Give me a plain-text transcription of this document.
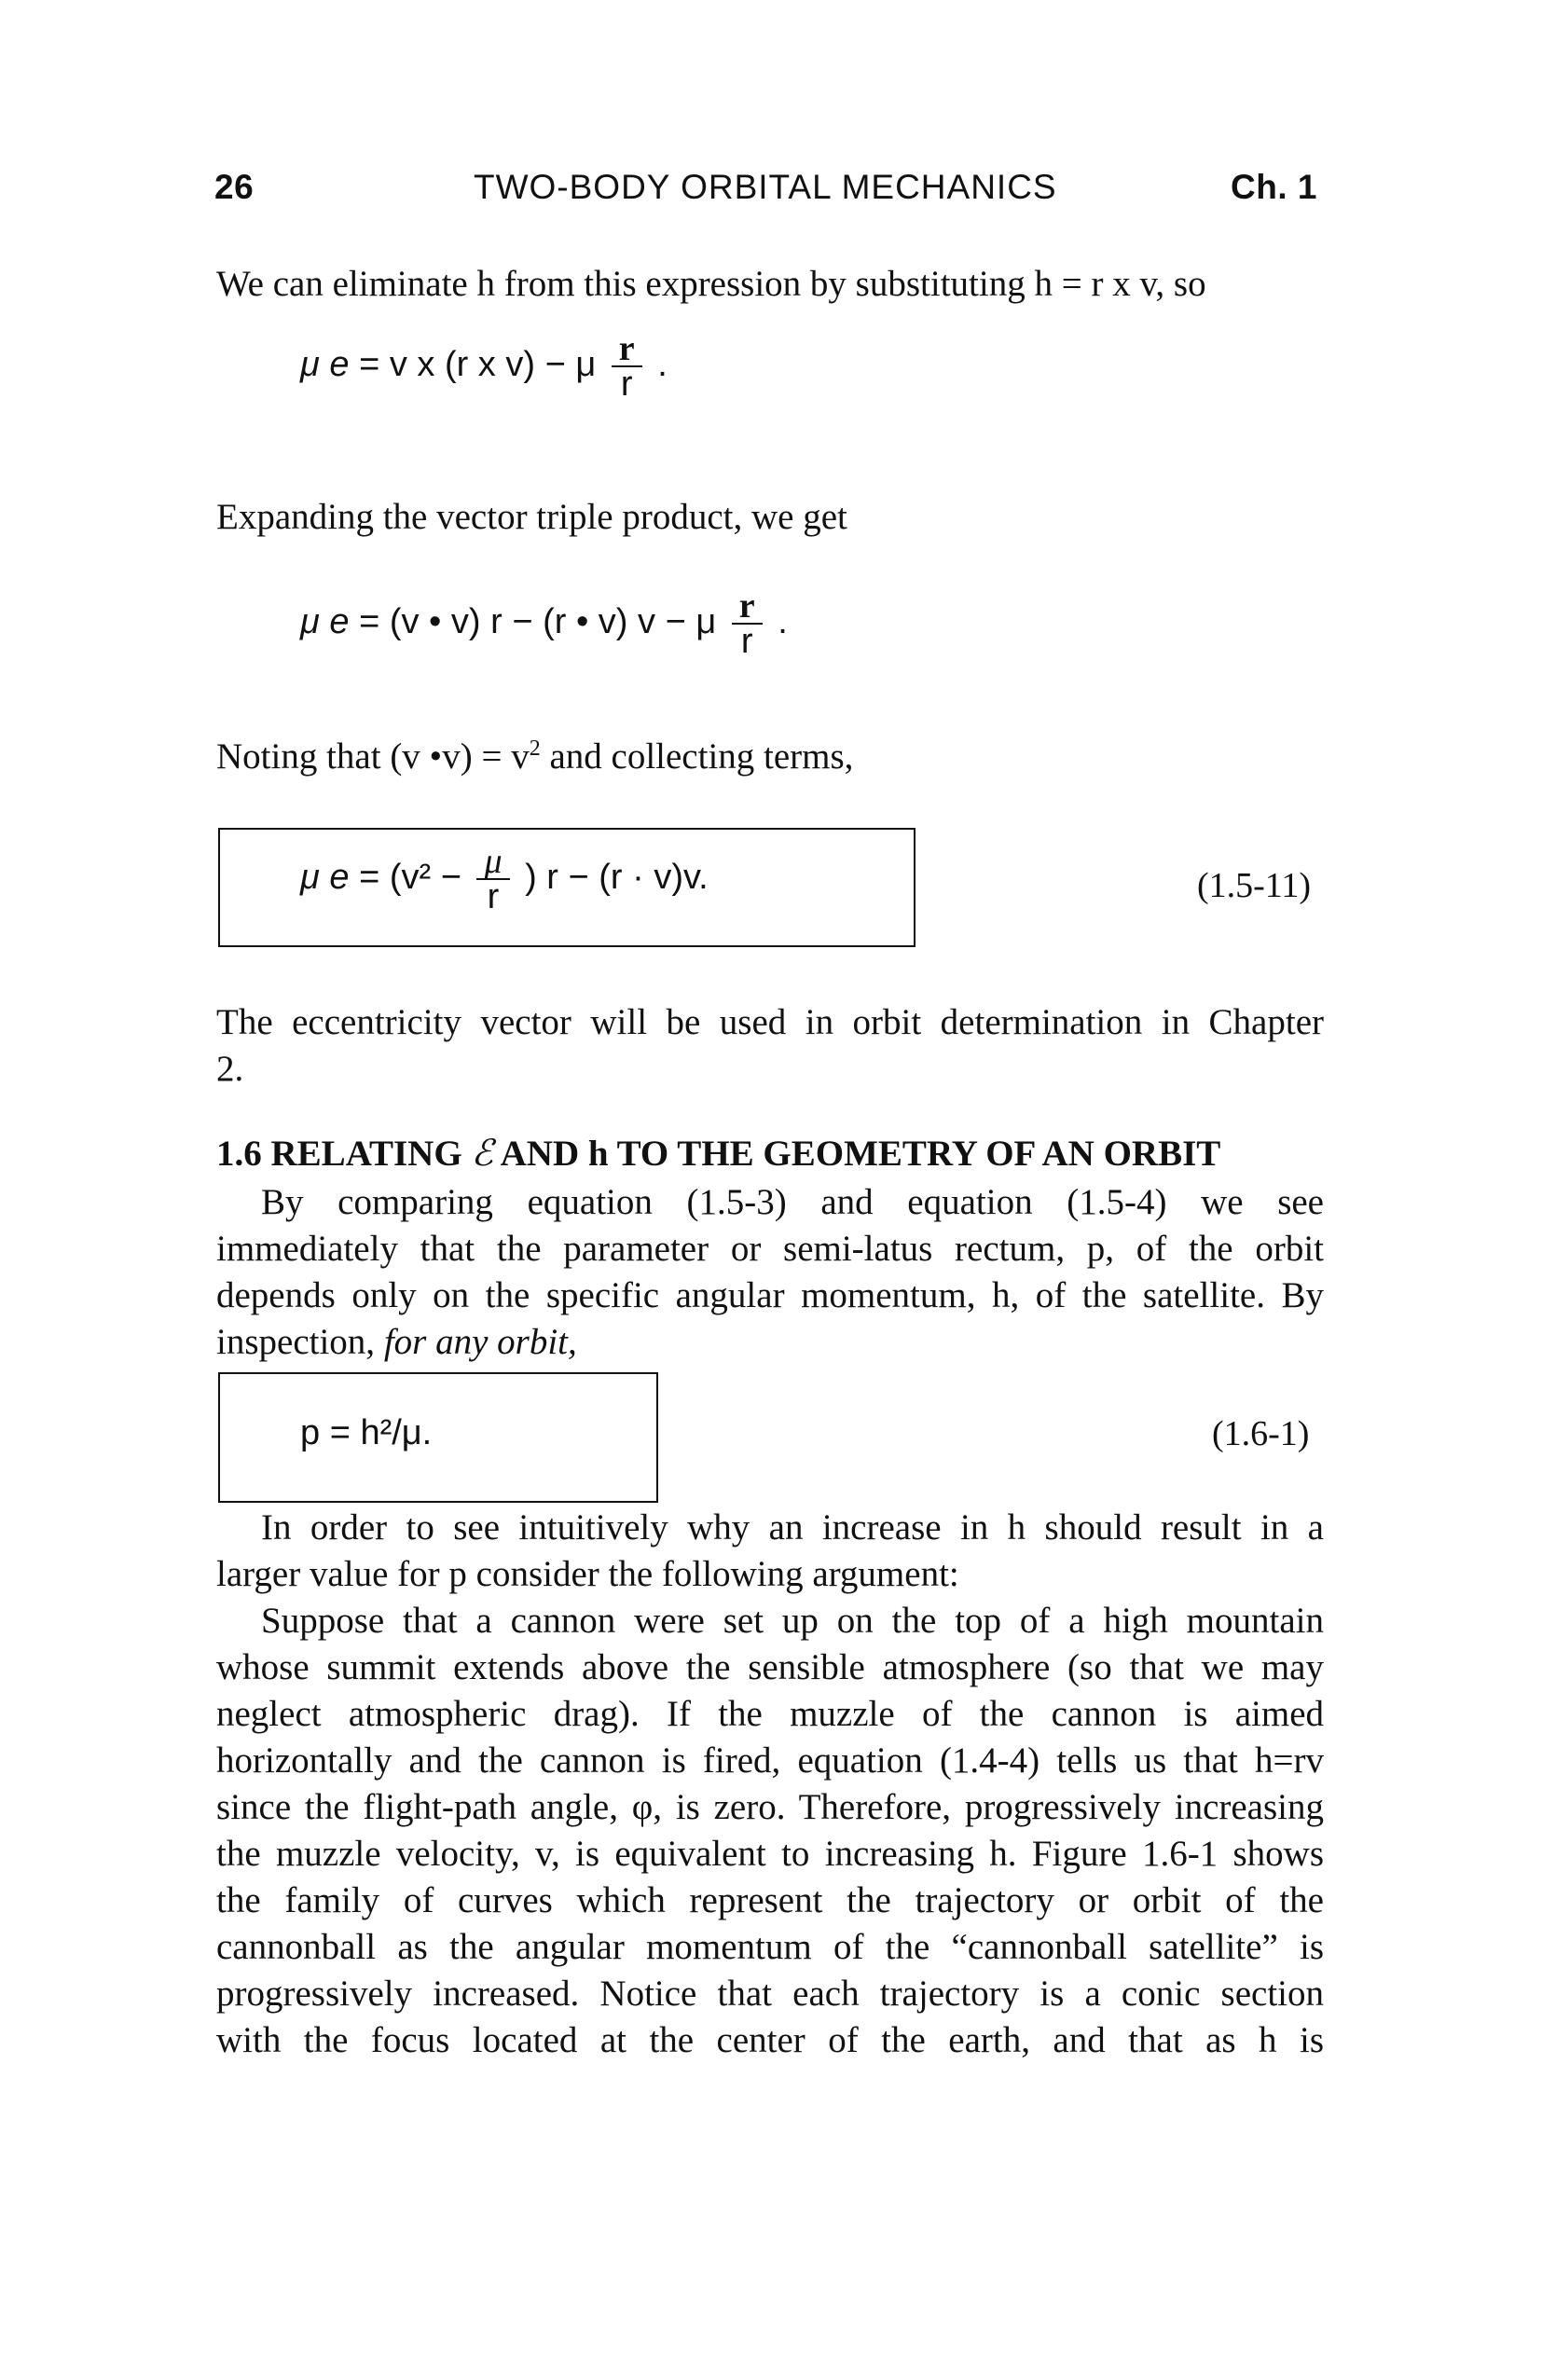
26	TWO-BODY ORBITAL MECHANICS	Ch. 1
We can eliminate h from this expression by substituting h = r x v, so
μ e = v x (r x v) − μ $\frac{r}{r}$ .
Expanding the vector triple product, we get
μ e = (v • v) r − (r • v) v − μ $\frac{r}{r}$ .
Noting that (v •v) = $v^2$ and collecting terms,
μ $e = (v^2 - \frac{\mu}{r}$ ) r − (r · v)v.	(1.5-11)
The eccentricity vector will be used in orbit determination in Chapter
2.
1.6 RELATING ℰ AND h TO THE GEOMETRY OF AN ORBIT
By comparing equation (1.5-3) and equation (1.5-4) we see
immediately that the parameter or semi-latus rectum, p, of the orbit
depends only on the specific angular momentum, h, of the satellite. By
inspection, for any orbit,
p = h²/μ.	(1.6-1)
In order to see intuitively why an increase in h should result in a
larger value for p consider the following argument:
Suppose that a cannon were set up on the top of a high mountain
whose summit extends above the sensible atmosphere (so that we may
neglect atmospheric drag). If the muzzle of the cannon is aimed
horizontally and the cannon is fired, equation (1.4-4) tells us that h=rv
since the flight-path angle, φ, is zero. Therefore, progressively increasing
the muzzle velocity, v, is equivalent to increasing h. Figure 1.6-1 shows
the family of curves which represent the trajectory or orbit of the
cannonball as the angular momentum of the “cannonball satellite” is
progressively increased. Notice that each trajectory is a conic section
with the focus located at the center of the earth, and that as h is
